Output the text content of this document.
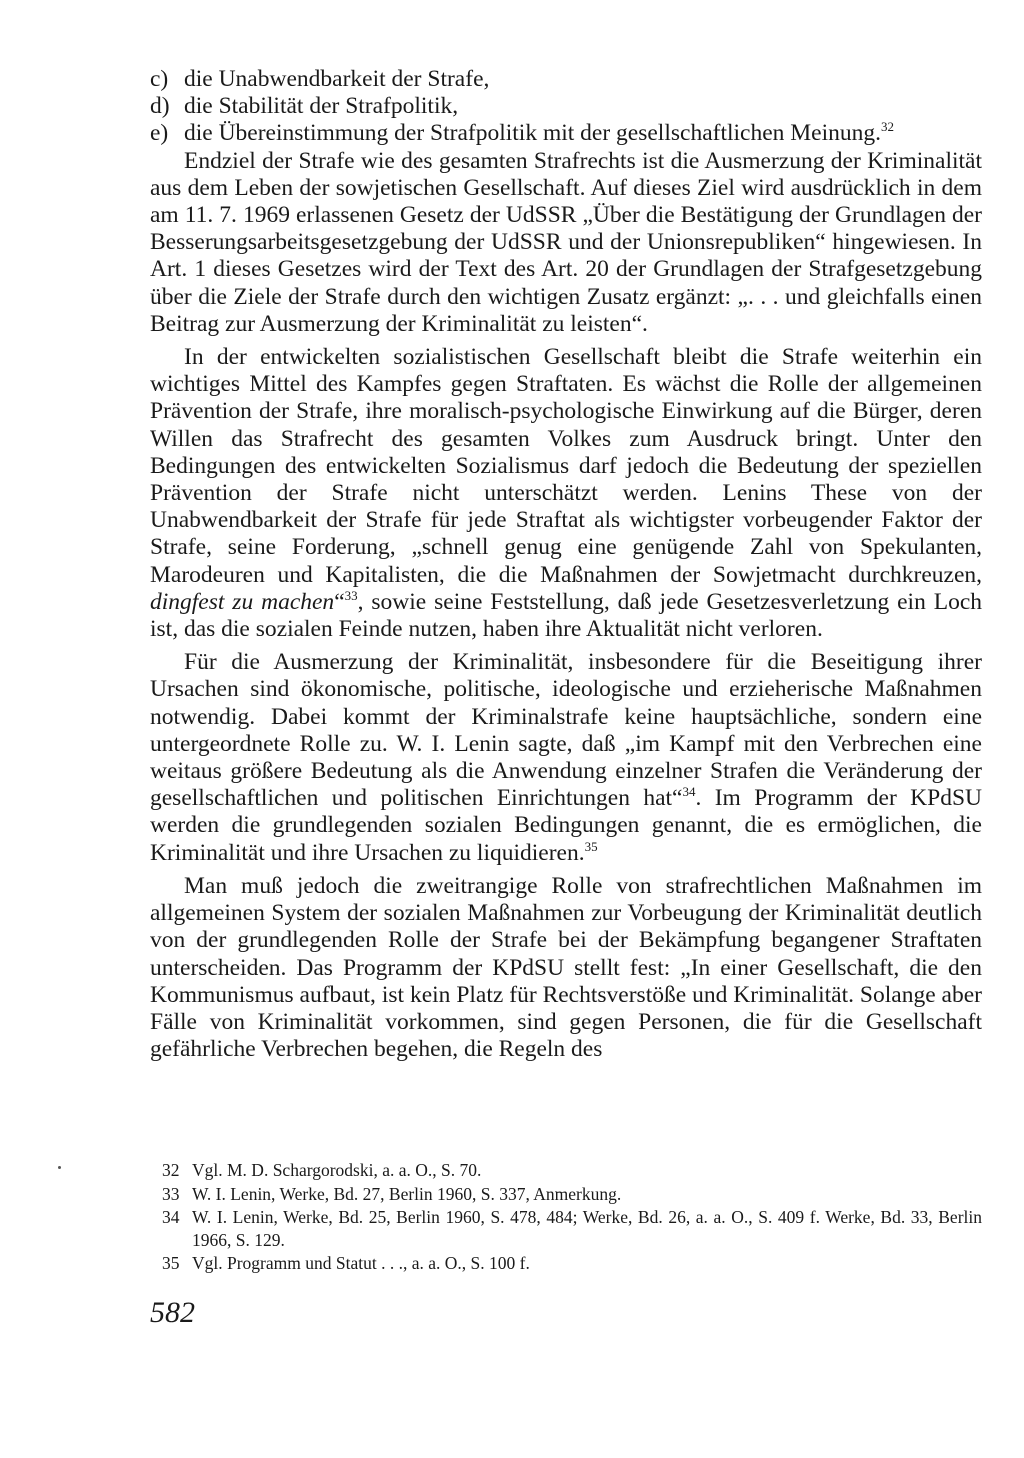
c) die Unabwendbarkeit der Strafe,
d) die Stabilität der Strafpolitik,
e) die Übereinstimmung der Strafpolitik mit der gesellschaftlichen Meinung.$^{32}$

Endziel der Strafe wie des gesamten Strafrechts ist die Ausmerzung der Kriminalität aus dem Leben der sowjetischen Gesellschaft. Auf dieses Ziel wird ausdrücklich in dem am 11. 7. 1969 erlassenen Gesetz der UdSSR „Über die Bestätigung der Grundlagen der Besserungsarbeitsgesetzgebung der UdSSR und der Unionsrepubliken“ hingewiesen. In Art. 1 dieses Gesetzes wird der Text des Art. 20 der Grundlagen der Strafgesetzgebung über die Ziele der Strafe durch den wichtigen Zusatz ergänzt: „. . . und gleichfalls einen Beitrag zur Ausmerzung der Kriminalität zu leisten“.

In der entwickelten sozialistischen Gesellschaft bleibt die Strafe weiterhin ein wichtiges Mittel des Kampfes gegen Straftaten. Es wächst die Rolle der allgemeinen Prävention der Strafe, ihre moralisch-psychologische Einwirkung auf die Bürger, deren Willen das Strafrecht des gesamten Volkes zum Ausdruck bringt. Unter den Bedingungen des entwickelten Sozialismus darf jedoch die Bedeutung der speziellen Prävention der Strafe nicht unterschätzt werden. Lenins These von der Unabwendbarkeit der Strafe für jede Straftat als wichtigster vorbeugender Faktor der Strafe, seine Forderung, „schnell genug eine genügende Zahl von Spekulanten, Marodeuren und Kapitalisten, die die Maßnahmen der Sowjetmacht durchkreuzen, dingfest zu machen“$^{33}$, sowie seine Feststellung, daß jede Gesetzesverletzung ein Loch ist, das die sozialen Feinde nutzen, haben ihre Aktualität nicht verloren.

Für die Ausmerzung der Kriminalität, insbesondere für die Beseitigung ihrer Ursachen sind ökonomische, politische, ideologische und erzieherische Maßnahmen notwendig. Dabei kommt der Kriminalstrafe keine hauptsächliche, sondern eine untergeordnete Rolle zu. W. I. Lenin sagte, daß „im Kampf mit den Verbrechen eine weitaus größere Bedeutung als die Anwendung einzelner Strafen die Veränderung der gesellschaftlichen und politischen Einrichtungen hat“$^{34}$. Im Programm der KPdSU werden die grundlegenden sozialen Bedingungen genannt, die es ermöglichen, die Kriminalität und ihre Ursachen zu liquidieren.$^{35}$

Man muß jedoch die zweitrangige Rolle von strafrechtlichen Maßnahmen im allgemeinen System der sozialen Maßnahmen zur Vorbeugung der Kriminalität deutlich von der grundlegenden Rolle der Strafe bei der Bekämpfung begangener Straftaten unterscheiden. Das Programm der KPdSU stellt fest: „In einer Gesellschaft, die den Kommunismus aufbaut, ist kein Platz für Rechtsverstöße und Kriminalität. Solange aber Fälle von Kriminalität vorkommen, sind gegen Personen, die für die Gesellschaft gefährliche Verbrechen begehen, die Regeln des

32 Vgl. M. D. Schargorodski, a. a. O., S. 70.
33 W. I. Lenin, Werke, Bd. 27, Berlin 1960, S. 337, Anmerkung.
34 W. I. Lenin, Werke, Bd. 25, Berlin 1960, S. 478, 484; Werke, Bd. 26, a. a. O., S. 409 f. Werke, Bd. 33, Berlin 1966, S. 129.
35 Vgl. Programm und Statut . . ., a. a. O., S. 100 f.
582
